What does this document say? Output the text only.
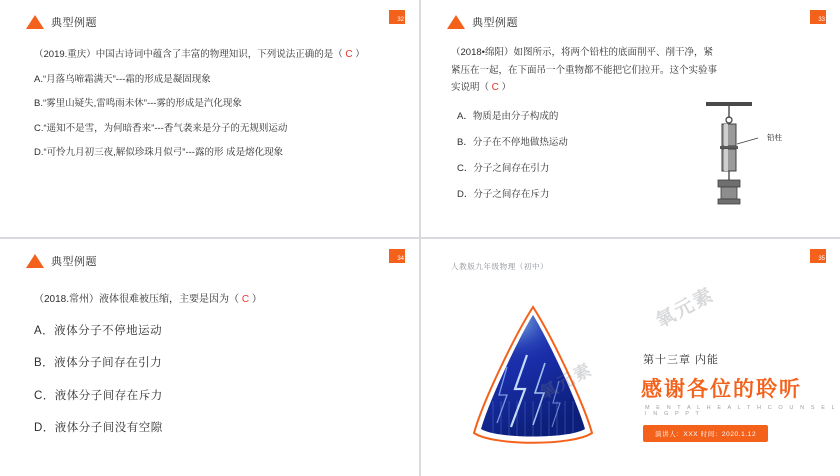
典型例题	32
（2019.重庆）中国古诗词中蕴含了丰富的物理知识，下列说法正确的是（ C ）
A.“月落乌啼霜满天”---霜的形成是凝固现象
B.“雾里山疑失,雷鸣雨未休”---雾的形成是汽化现象
C.“遥知不是雪，为何暗香来”---香气袭来是分子的无规则运动
D.“可怜九月初三夜,解似珍珠月似弓”---露的形 成是熔化现象
典型例题	33
（2018•绵阳）如图所示，将两个铅柱的底面削平、削干净，紧紧压在一起，在下面吊一个重物都不能把它们拉开。这个实验事实说明（ C ）
A．物质是由分子构成的
B．分子在不停地做热运动
C．分子之间存在引力
D．分子之间存在斥力
铅柱
典型例题	34
（2018.常州）液体很难被压缩，主要是因为（ C ）
A．液体分子不停地运动
B．液体分子间存在引力
C．液体分子间存在斥力
D．液体分子间没有空隙
人教版九年级物理（初中）
35
氧元素
氧元素	第十三章 内能
感谢各位的聆听
M E N T A L H E A L T H C O U N S E L I N G P P T
演讲人：XXX 时间：2020.1.12
